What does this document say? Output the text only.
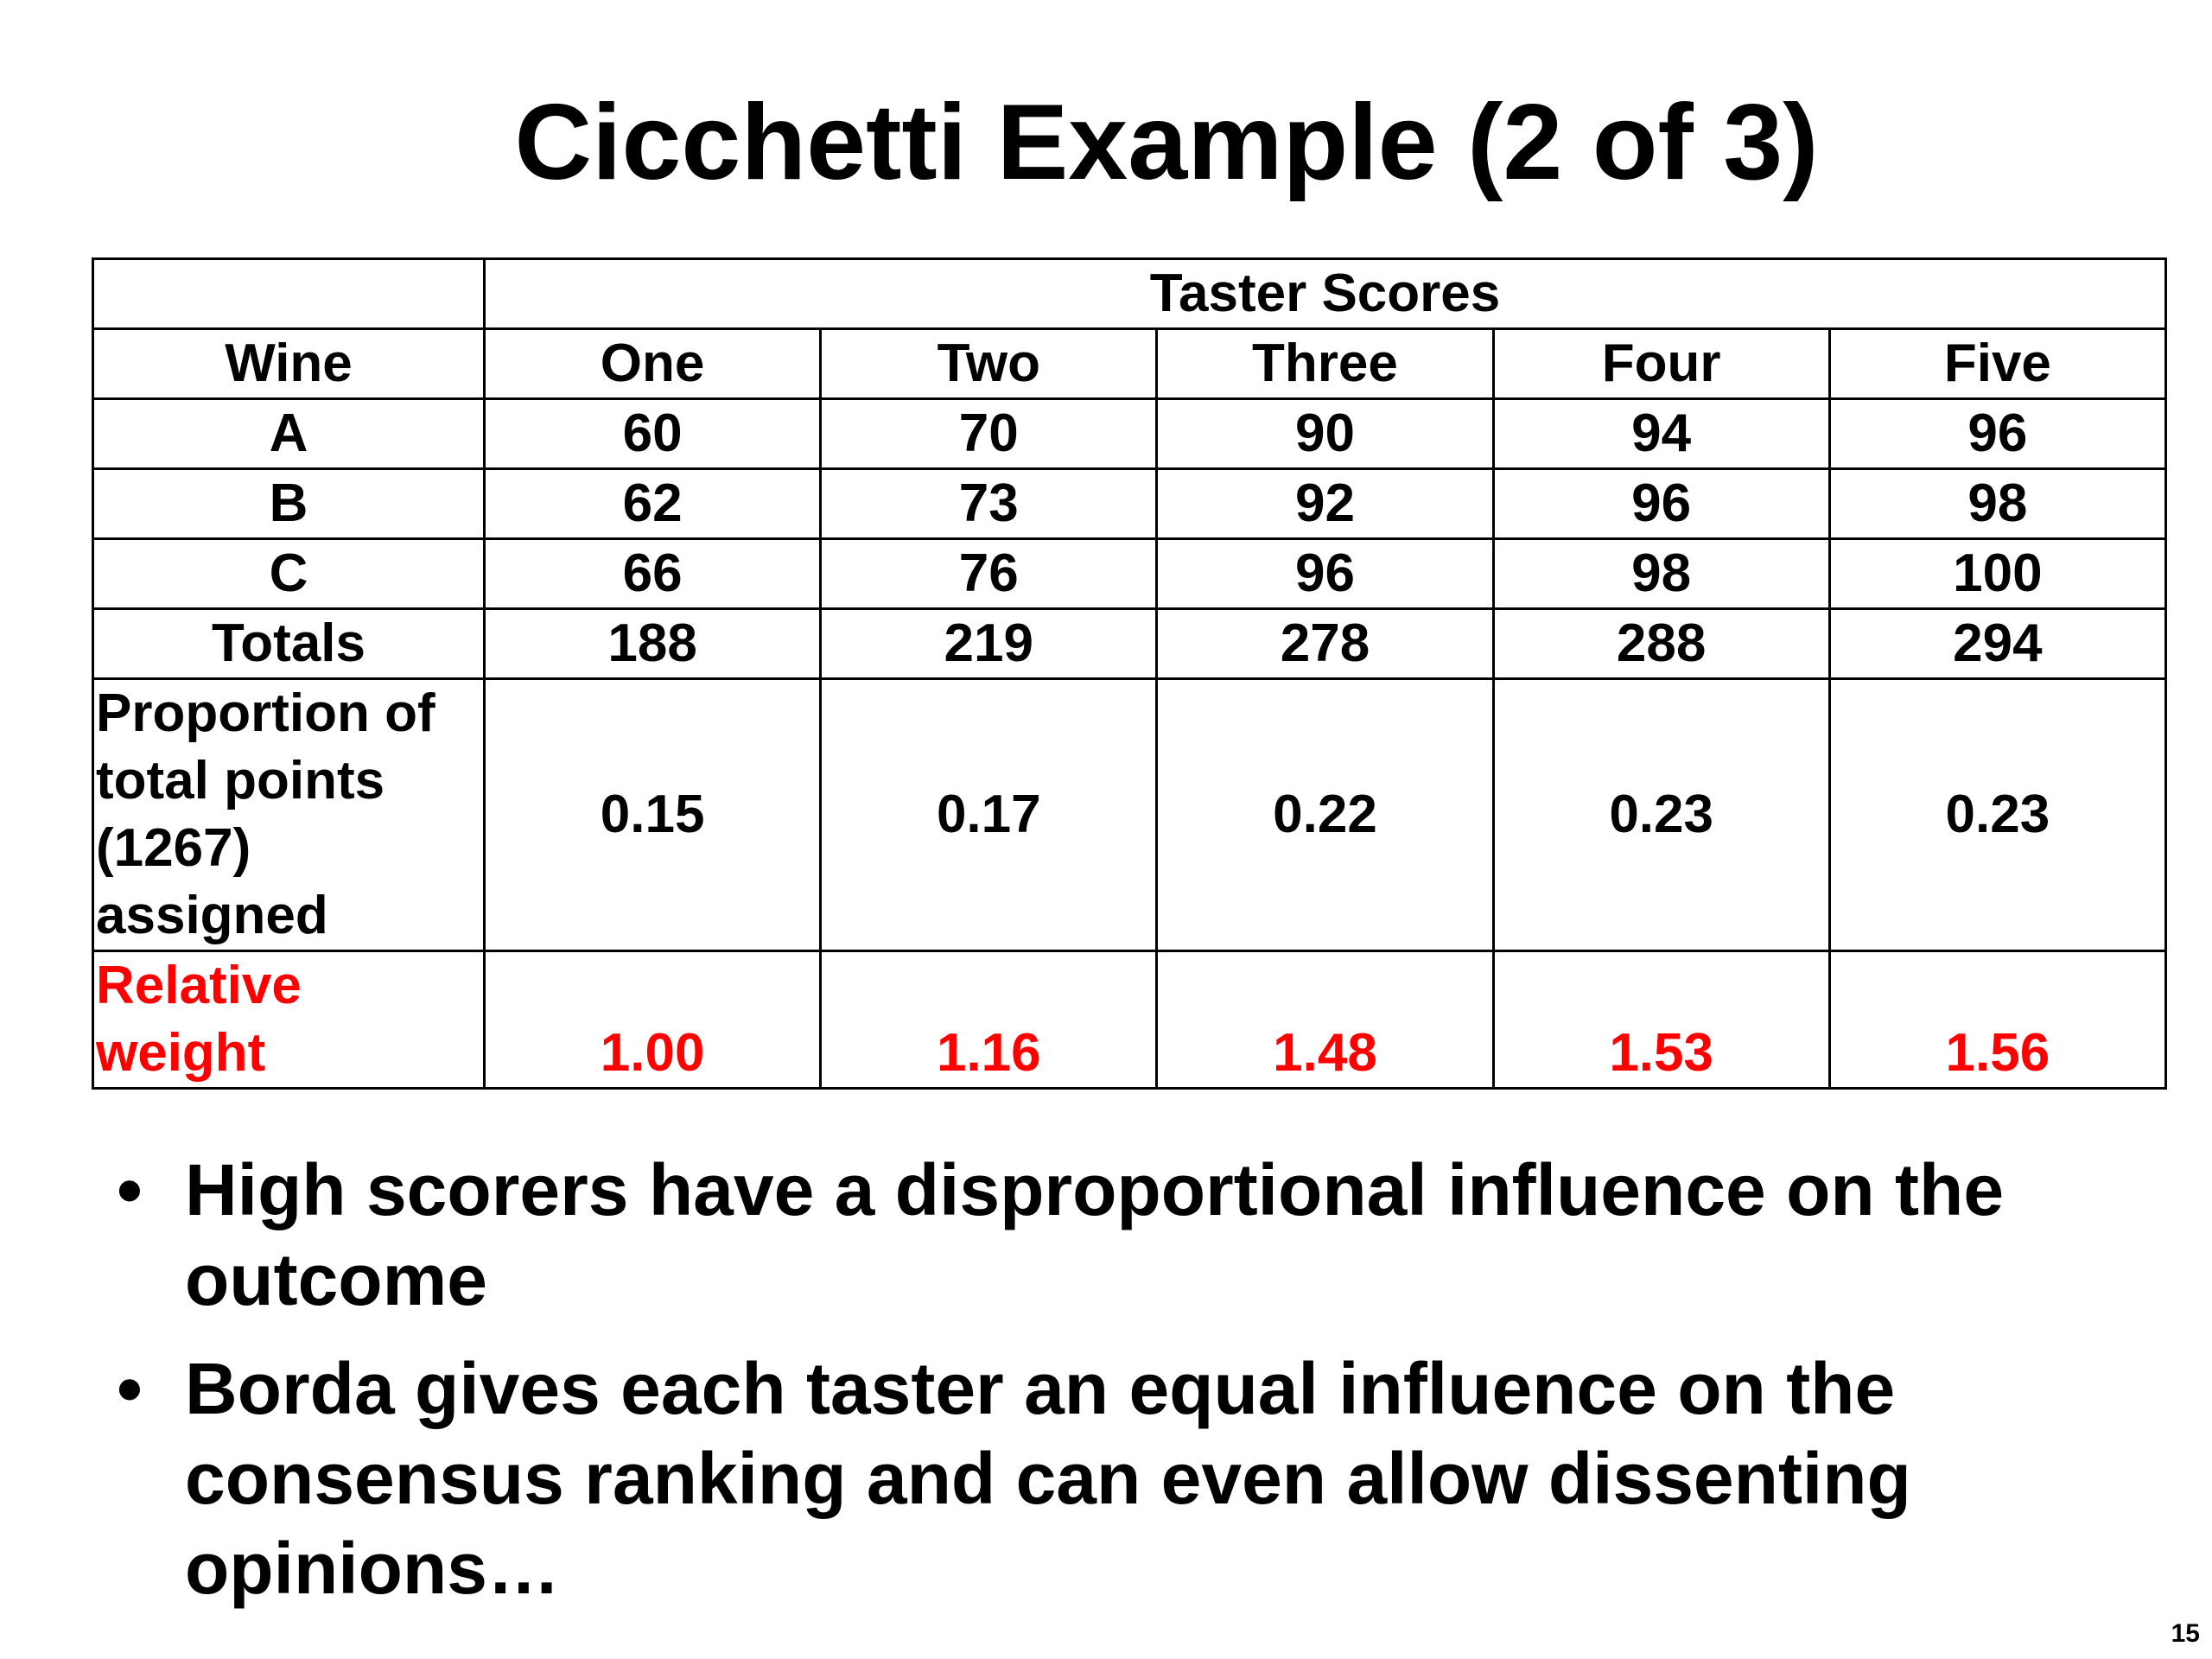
Cicchetti Example (2 of 3)
	Taster Scores				
Wine	One	Two	Three	Four	Five
A	60	70	90	94	96
B	62	73	92	96	98
C	66	76	96	98	100
Totals	188	219	278	288	294

Proportion of
total points
(1267)
assigned	0.15	0.17	0.22	0.23	0.23

Relative
weight	1.00	1.16	1.48	1.53	1.56
• High scorers have a disproportional influence on the outcome
• Borda gives each taster an equal influence on the consensus ranking and can even allow dissenting opinions…
15
